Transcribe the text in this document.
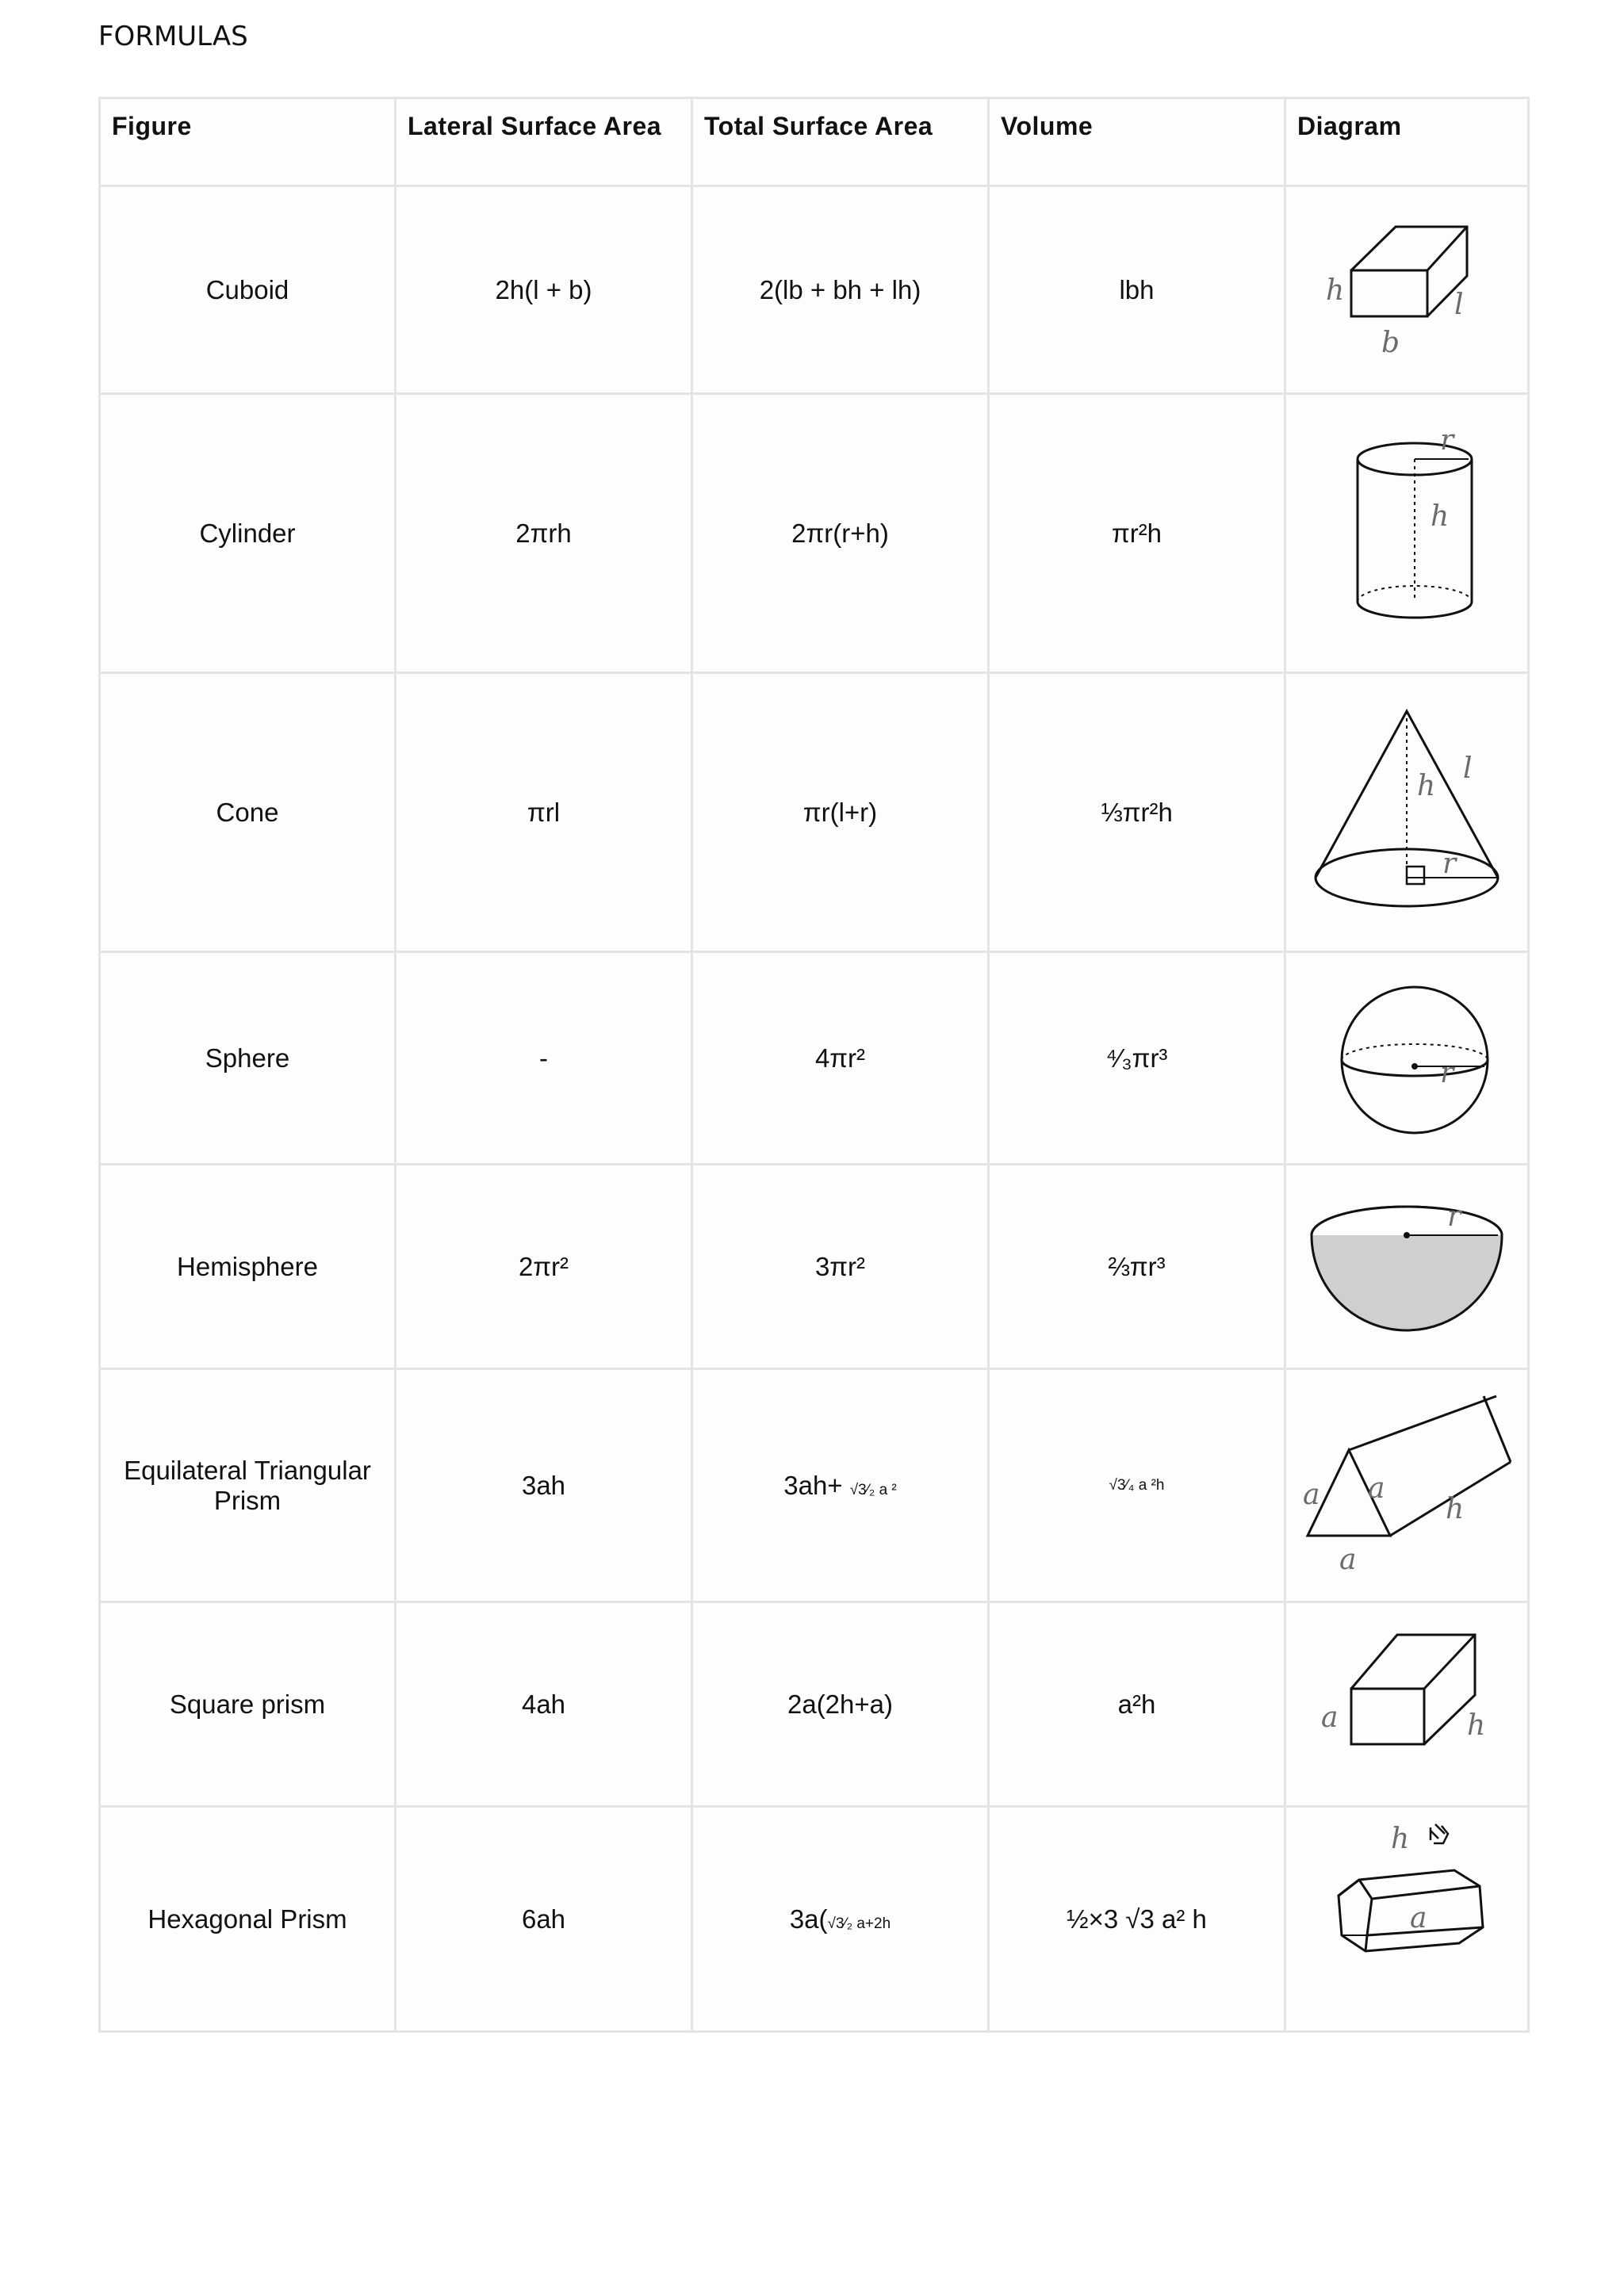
FORMULAS
Figure	Lateral Surface Area	Total Surface Area	Volume	Diagram
Cuboid	2h(l + b)	2(lb + bh + lh)	lbh	h l
b

Cylinder	2πrh	2πr(r+h)	πr²h	r
h

Cone	πrl	πr(l+r)	⅓πr²h	h
l
r

Sphere	-	4πr²	⁴⁄₃πr³	r

Hemisphere	2πr²	3πr²	⅔πr³	r

Equilateral Triangular Prism	3ah	3ah+ √3⁄₂ a ²	√3⁄₄ a ²h	a a
h
a

Square prism	4ah	2a(2h+a)	a²h	a h

Hexagonal Prism	6ah	3a(√3⁄₂ a+2h	½×3 √3 a² h	h
a
